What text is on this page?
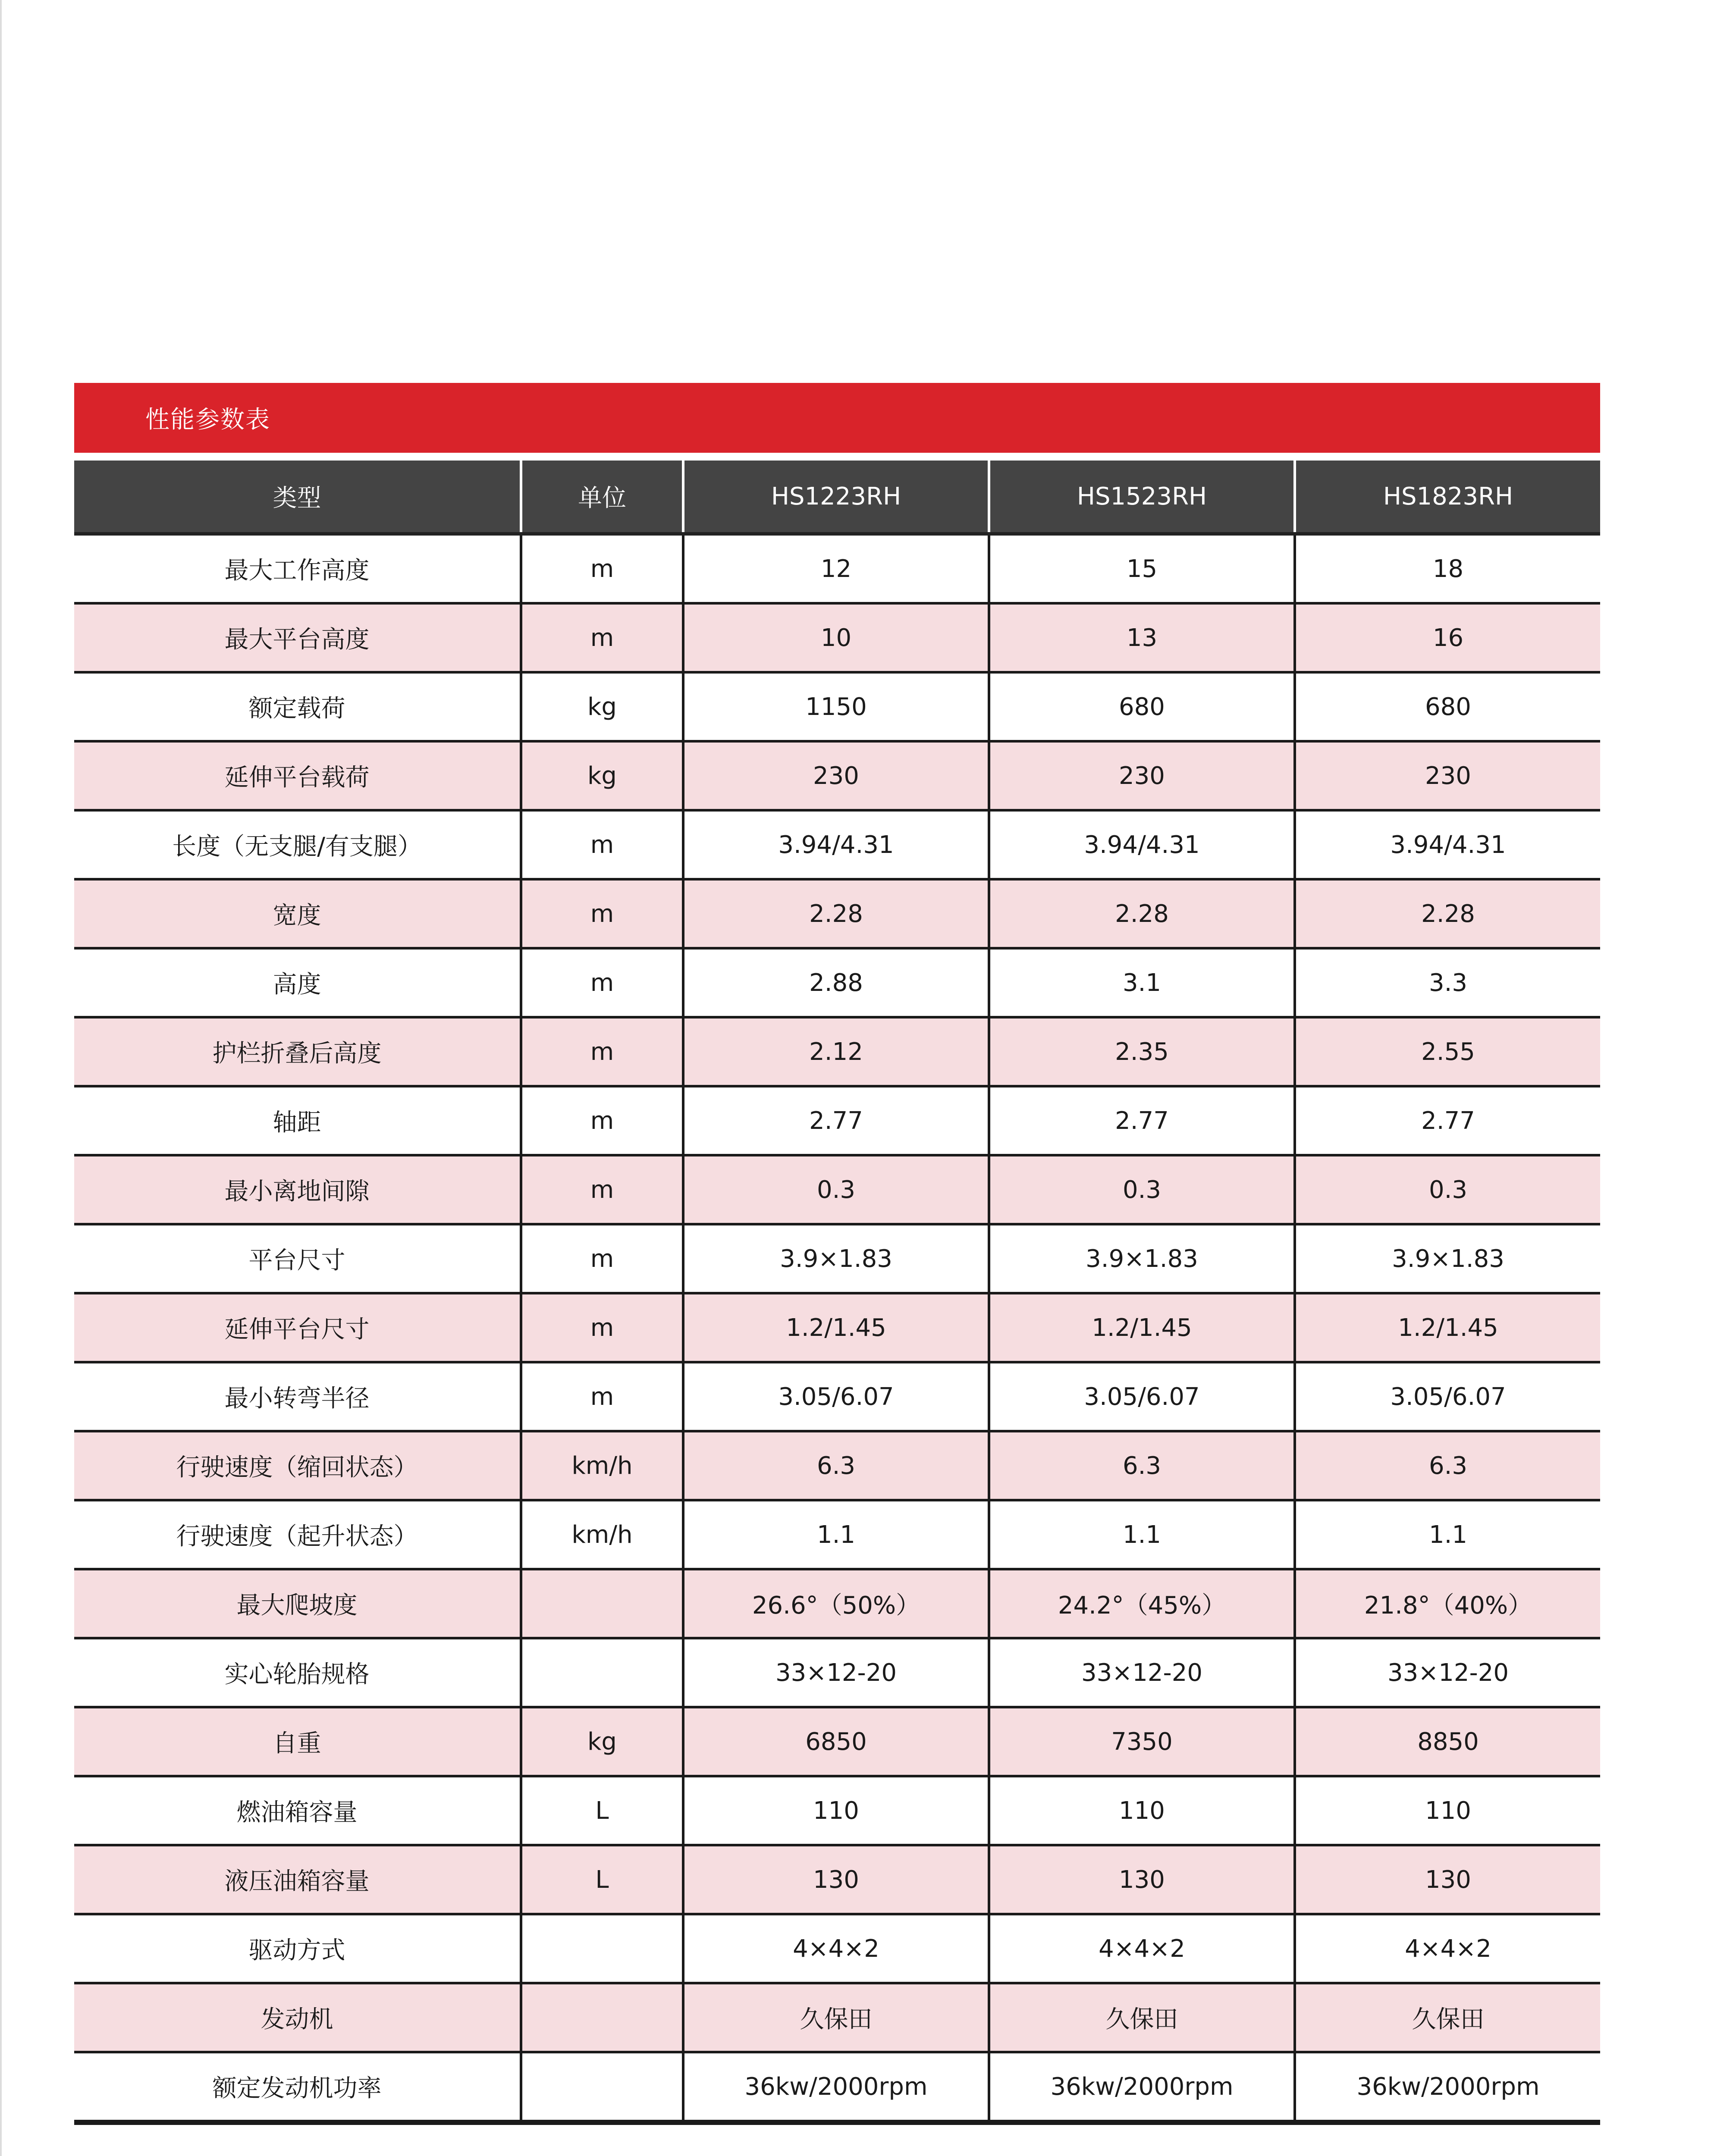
性能参数表
类型	单位	HS1223RH	HS1523RH	HS1823RH
最大工作高度	m	12	15	18
最大平台高度	m	10	13	16
额定载荷	kg	1150	680	680
延伸平台载荷	kg	230	230	230
长度（无支腿/有支腿）	m	3.94/4.31	3.94/4.31	3.94/4.31
宽度	m	2.28	2.28	2.28
高度	m	2.88	3.1	3.3
护栏折叠后高度	m	2.12	2.35	2.55
轴距	m	2.77	2.77	2.77
最小离地间隙	m	0.3	0.3	0.3
平台尺寸	m	3.9×1.83	3.9×1.83	3.9×1.83
延伸平台尺寸	m	1.2/1.45	1.2/1.45	1.2/1.45
最小转弯半径	m	3.05/6.07	3.05/6.07	3.05/6.07
行驶速度（缩回状态）	km/h	6.3	6.3	6.3
行驶速度（起升状态）	km/h	1.1	1.1	1.1
最大爬坡度		26.6°（50%）	24.2°（45%）	21.8°（40%）
实心轮胎规格		33×12-20	33×12-20	33×12-20
自重	kg	6850	7350	8850
燃油箱容量	L	110	110	110
液压油箱容量	L	130	130	130
驱动方式		4×4×2	4×4×2	4×4×2
发动机		久保田	久保田	久保田
额定发动机功率		36kw/2000rpm	36kw/2000rpm	36kw/2000rpm
